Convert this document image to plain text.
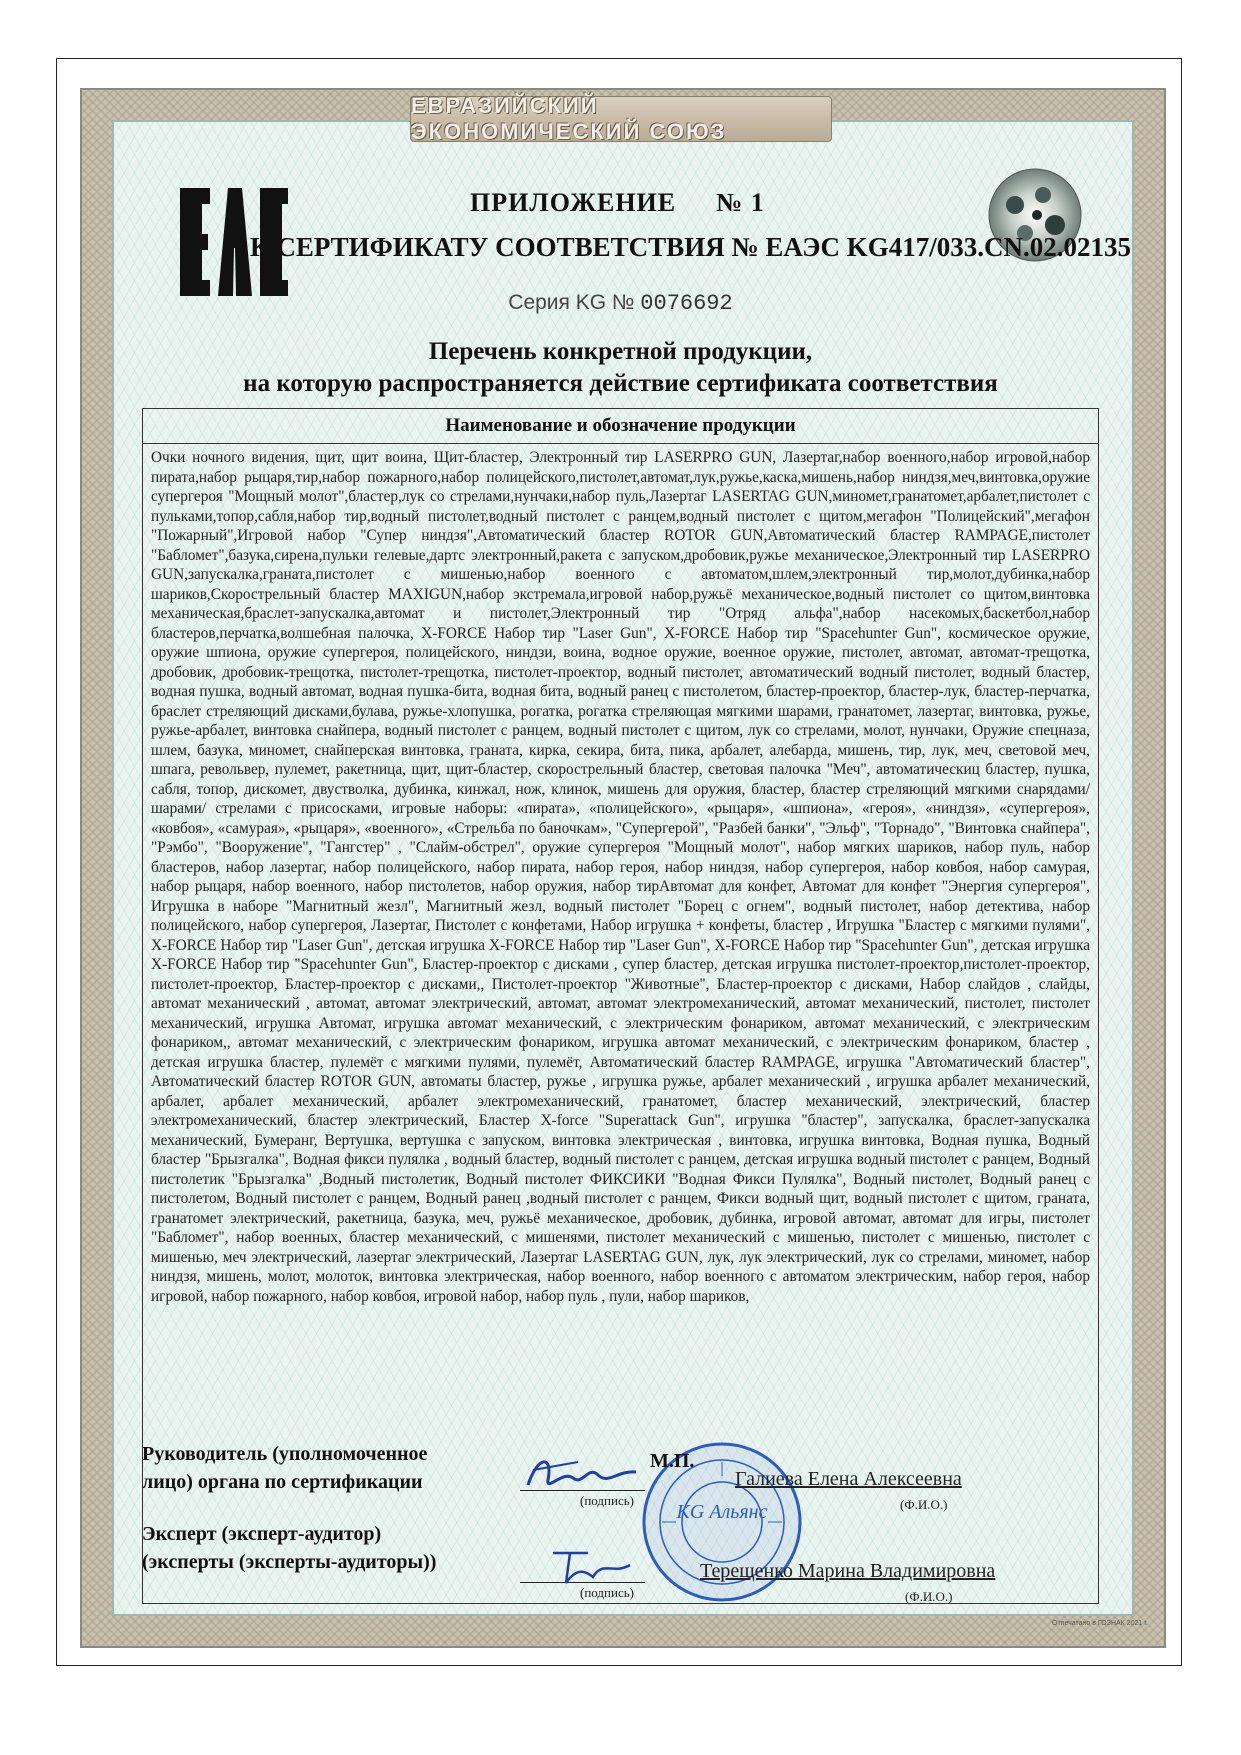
ЕВРАЗИЙСКИЙ ЭКОНОМИЧЕСКИЙ СОЮЗ
ПРИЛОЖЕНИЕ № 1
К СЕРТИФИКАТУ СООТВЕТСТВИЯ № ЕАЭС KG417/033.CN.02.02135
Серия KG № 0076692
Перечень конкретной продукции,
на которую распространяется действие сертификата соответствия
Наименование и обозначение продукции
Очки ночного видения, щит, щит воина, Щит-бластер, Электронный тир LASERPRO GUN, Лазертаг,набор военного,набор игровой,набор пирата,набор рыцаря,тир,набор пожарного,набор полицейского,пистолет,автомат,лук,ружье,каска,мишень,набор ниндзя,меч,винтовка,оружие супергероя "Мощный молот",бластер,лук со стрелами,нунчаки,набор пуль,Лазертаг LASERTAG GUN,миномет,гранатомет,арбалет,пистолет с пульками,топор,сабля,набор тир,водный пистолет,водный пистолет с ранцем,водный пистолет с щитом,мегафон "Полицейский",мегафон "Пожарный",Игровой набор "Супер ниндзя",Автоматический бластер ROTOR GUN,Автоматический бластер RAMPAGE,пистолет "Бабломет",базука,сирена,пульки гелевые,дартс электронный,ракета с запуском,дробовик,ружье механическое,Электронный тир LASERPRO GUN,запускалка,граната,пистолет с мишенью,набор военного с автоматом,шлем,электронный тир,молот,дубинка,набор шариков,Скорострельный бластер MAXIGUN,набор экстремала,игровой набор,ружьё механическое,водный пистолет со щитом,винтовка механическая,браслет-запускалка,автомат и пистолет,Электронный тир "Отряд альфа",набор насекомых,баскетбол,набор бластеров,перчатка,волшебная палочка, X-FORCE Набор тир "Laser Gun", X-FORCE Набор тир "Spacehunter Gun", космическое оружие, оружие шпиона, оружие супергероя, полицейского, ниндзи, воина, водное оружие, военное оружие, пистолет, автомат, автомат-трещотка, дробовик, дробовик-трещотка, пистолет-трещотка, пистолет-проектор, водный пистолет, автоматический водный пистолет, водный бластер, водная пушка, водный автомат, водная пушка-бита, водная бита, водный ранец с пистолетом, бластер-проектор, бластер-лук, бластер-перчатка, браслет стреляющий дисками,булава, ружье-хлопушка, рогатка, рогатка стреляющая мягкими шарами, гранатомет, лазертаг, винтовка, ружье, ружье-арбалет, винтовка снайпера, водный пистолет с ранцем, водный пистолет с щитом, лук со стрелами, молот, нунчаки, Оружие спецназа, шлем, базука, миномет, снайперская винтовка, граната, кирка, секира, бита, пика, арбалет, алебарда, мишень, тир, лук, меч, световой меч, шпага, револьвер, пулемет, ракетница, щит, щит-бластер, скорострельный бластер, световая палочка "Меч", автоматическиц бластер, пушка, сабля, топор, дискомет, двустволка, дубинка, кинжал, нож, клинок, мишень для оружия, бластер, бластер стреляющий мягкими снарядами/шарами/ стрелами с присосками, игровые наборы: «пирата», «полицейского», «рыцаря», «шпиона», «героя», «ниндзя», «супергероя», «ковбоя», «самурая», «рыцаря», «военного», «Стрельба по баночкам», "Супергерой", "Разбей банки", "Эльф", "Торнадо", "Винтовка снайпера", "Рэмбо", "Вооружение", "Гангстер" , "Слайм-обстрел", оружие супергероя "Мощный молот", набор мягких шариков, набор пуль, набор бластеров, набор лазертаг, набор полицейского, набор пирата, набор героя, набор ниндзя, набор супергероя, набор ковбоя, набор самурая, набор рыцаря, набор военного, набор пистолетов, набор оружия, набор тирАвтомат для конфет, Автомат для конфет "Энергия супергероя", Игрушка в наборе "Магнитный жезл", Магнитный жезл, водный пистолет "Борец с огнем", водный пистолет, набор детектива, набор полицейского, набор супергероя, Лазертаг, Пистолет с конфетами, Набор игрушка + конфеты, бластер , Игрушка "Бластер с мягкими пулями", X-FORCE Набор тир "Laser Gun", детская игрушка X-FORCE Набор тир "Laser Gun", X-FORCE Набор тир "Spacehunter Gun", детская игрушка X-FORCE Набор тир "Spacehunter Gun", Бластер-проектор с дисками , супер бластер, детская игрушка пистолет-проектор,пистолет-проектор, пистолет-проектор, Бластер-проектор с дисками,, Пистолет-проектор "Животные", Бластер-проектор с дисками, Набор слайдов , слайды, автомат механический , автомат, автомат электрический, автомат, автомат электромеханический, автомат механический, пистолет, пистолет механический, игрушка Автомат, игрушка автомат механический, с электрическим фонариком, автомат механический, с электрическим фонариком,, автомат механический, с электрическим фонариком, игрушка автомат механический, с электрическим фонариком, бластер , детская игрушка бластер, пулемёт с мягкими пулями, пулемёт, Автоматический бластер RAMPAGE, игрушка "Автоматический бластер", Автоматический бластер ROTOR GUN, автоматы бластер, ружье , игрушка ружье, арбалет механический , игрушка арбалет механический, арбалет, арбалет механический, арбалет электромеханический, гранатомет, бластер механический, электрический, бластер электромеханический, бластер электрический, Бластер X-force "Superattack Gun", игрушка "бластер", запускалка, браслет-запускалка механический, Бумеранг, Вертушка, вертушка с запуском, винтовка электрическая , винтовка, игрушка винтовка, Водная пушка, Водный бластер "Брызгалка", Водная фикси пулялка , водный бластер, водный пистолет с ранцем, детская игрушка водный пистолет с ранцем, Водный пистолетик "Брызгалка" ,Водный пистолетик, Водный пистолет ФИКСИКИ "Водная Фикси Пулялка", Водный пистолет, Водный ранец с пистолетом, Водный пистолет с ранцем, Водный ранец ,водный пистолет с ранцем, Фикси водный щит, водный пистолет с щитом, граната, гранатомет электрический, ракетница, базука, меч, ружьё механическое, дробовик, дубинка, игровой автомат, автомат для игры, пистолет "Бабломет", набор военных, бластер механический, с мишенями, пистолет механический с мишенью, пистолет с мишенью, пистолет с мишенью, меч электрический, лазертаг электрический, Лазертаг LASERTAG GUN, лук, лук электрический, лук со стрелами, миномет, набор ниндзя, мишень, молот, молоток, винтовка электрическая, набор военного, набор военного с автоматом электрическим, набор героя, набор игровой, набор пожарного, набор ковбоя, игровой набор, набор пуль , пули, набор шариков,
Руководитель (уполномоченное
лицо) органа по сертификации
Эксперт (эксперт-аудитор)
(эксперты (эксперты-аудиторы))
(подпись)
(подпись)
KG Альянс
М.П.
Галиева Елена Алексеевна
(Ф.И.О.)
Терещенко Марина Владимировна
(Ф.И.О.)
Отпечатано в ГОЗНАК 2021 г.
